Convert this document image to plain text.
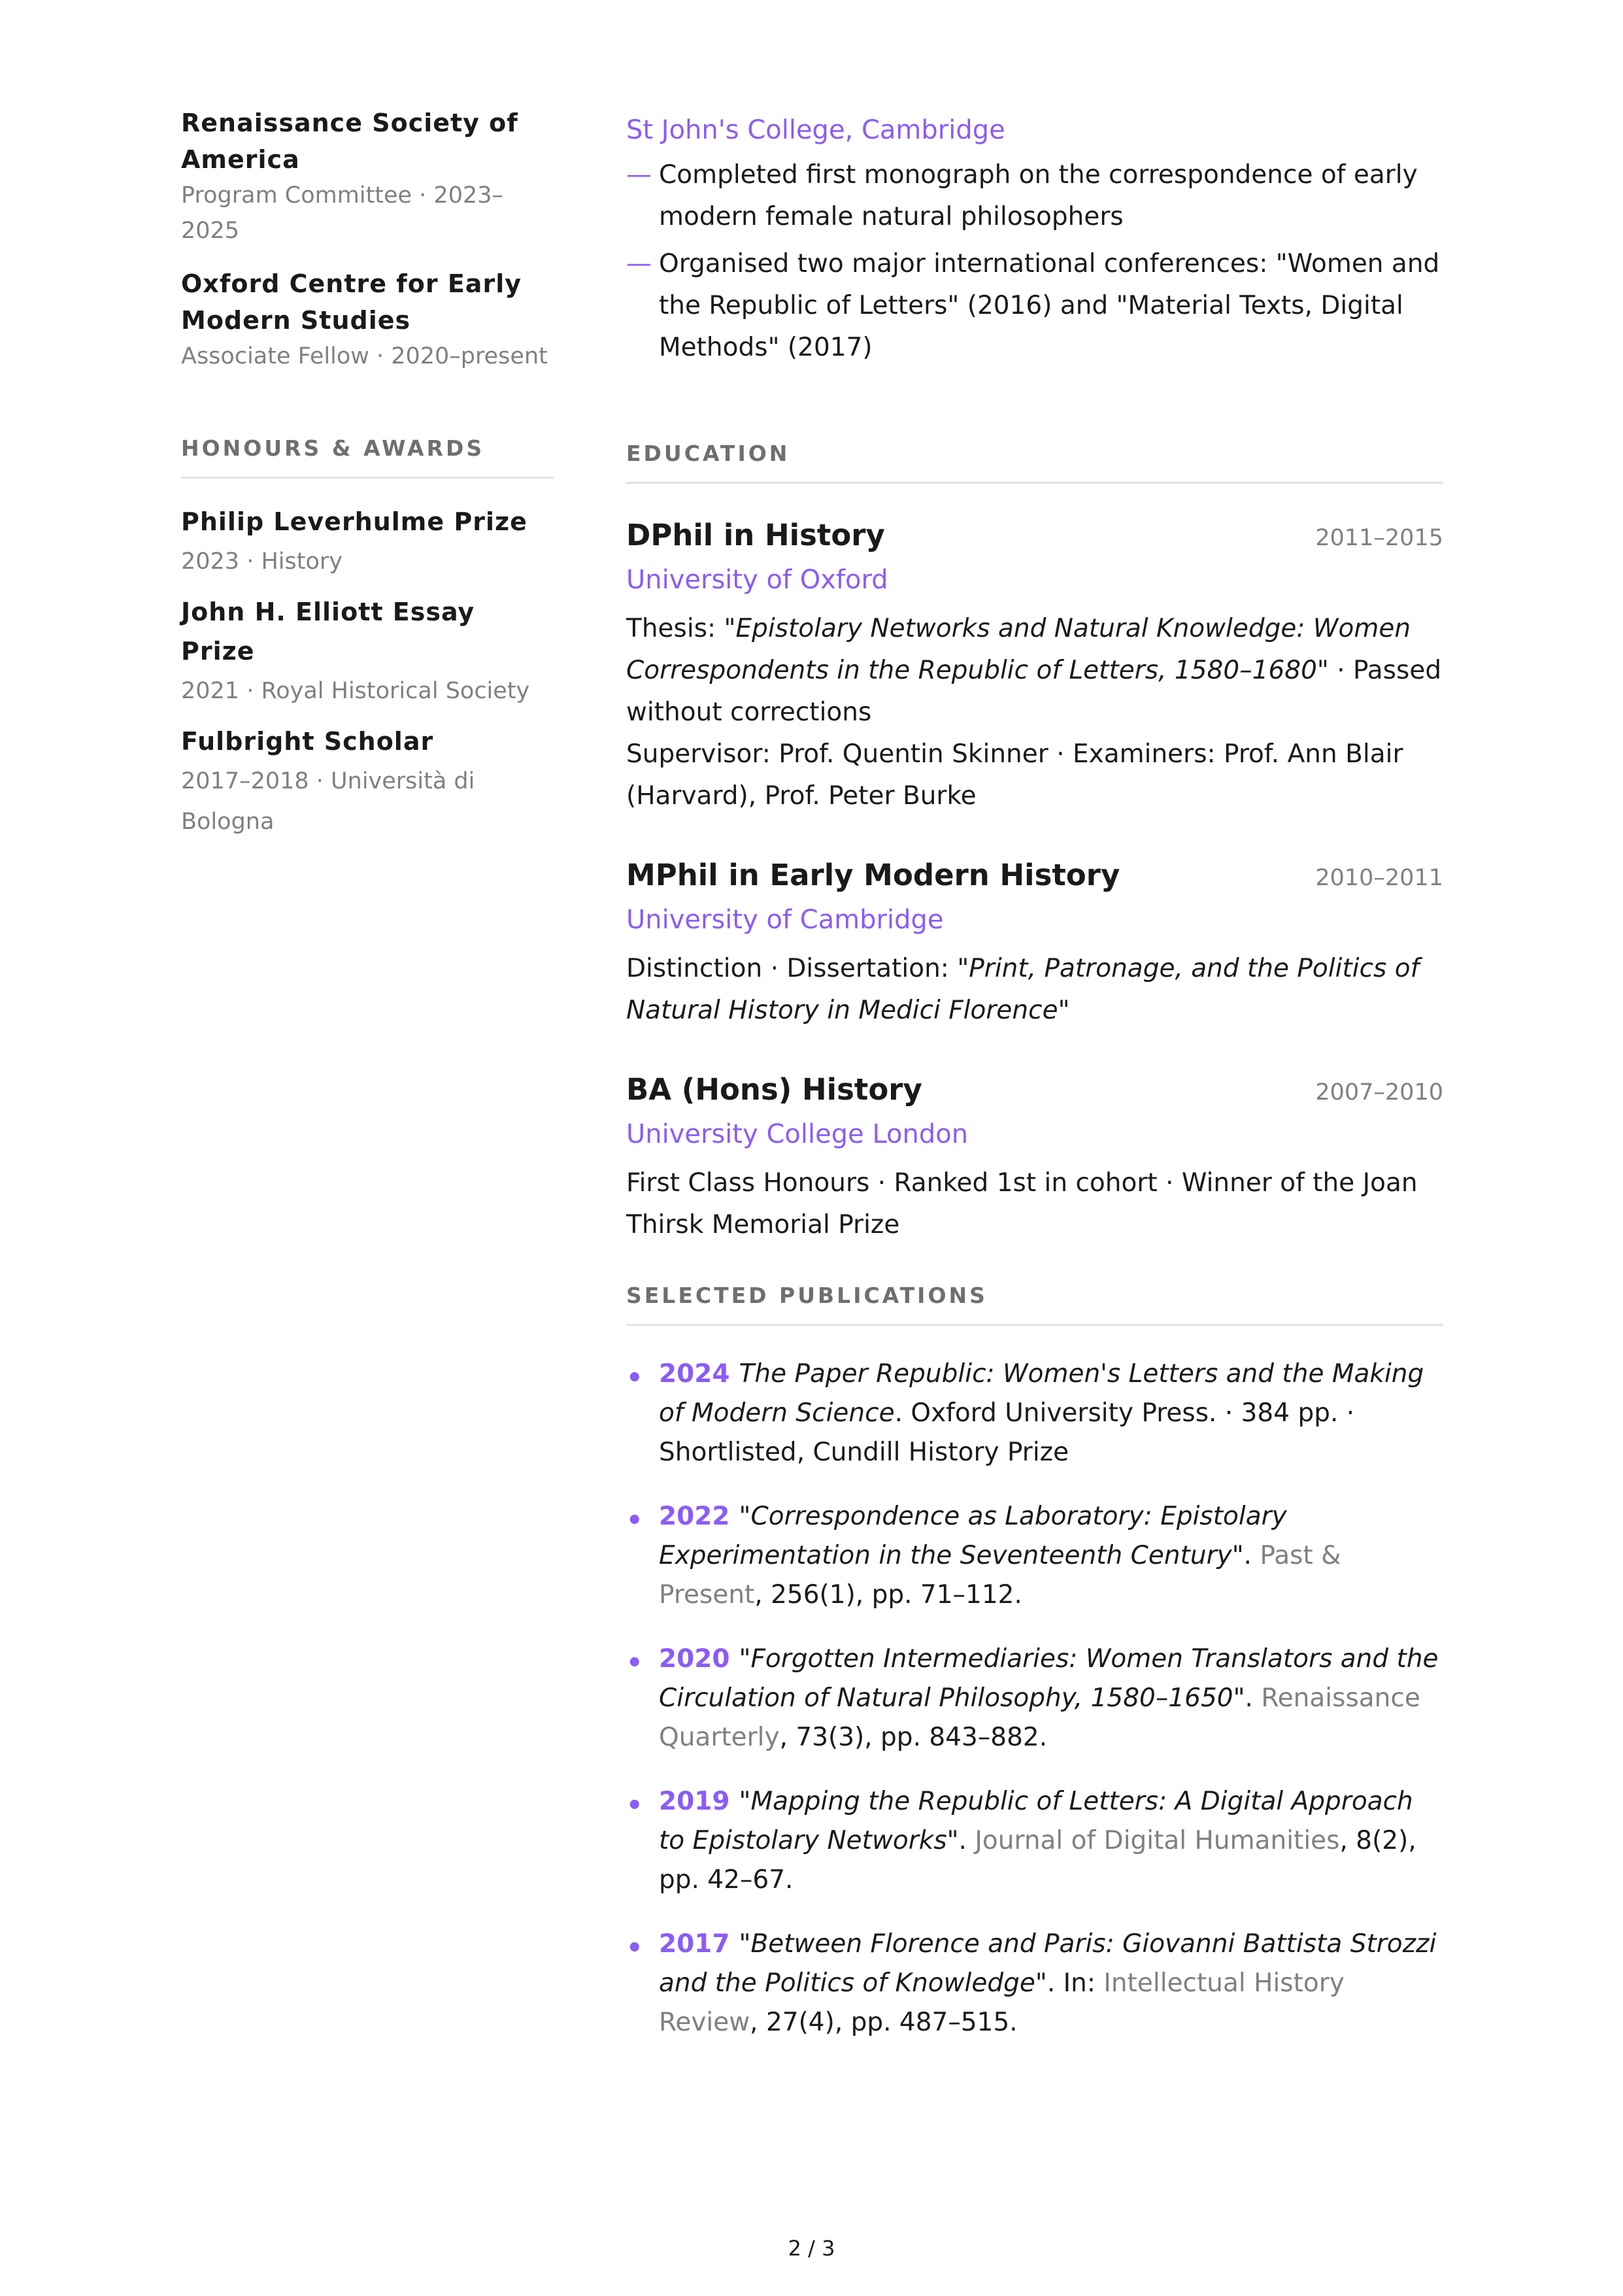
Renaissance Society of America
Program Committee · 2023–2025
Oxford Centre for Early Modern Studies
Associate Fellow · 2020–present
HONOURS & AWARDS
Philip Leverhulme Prize
2023 · History
John H. Elliott Essay Prize
2021 · Royal Historical Society
Fulbright Scholar
2017–2018 · Università di Bologna
St John's College, Cambridge
— Completed first monograph on the correspondence of early modern female natural philosophers
— Organised two major international conferences: "Women and the Republic of Letters" (2016) and "Material Texts, Digital Methods" (2017)
EDUCATION
DPhil in History	2011–2015
University of Oxford
Thesis: "Epistolary Networks and Natural Knowledge: Women Correspondents in the Republic of Letters, 1580–1680" · Passed without corrections
Supervisor: Prof. Quentin Skinner · Examiners: Prof. Ann Blair (Harvard), Prof. Peter Burke
MPhil in Early Modern History	2010–2011
University of Cambridge
Distinction · Dissertation: "Print, Patronage, and the Politics of Natural History in Medici Florence"
BA (Hons) History	2007–2010
University College London
First Class Honours · Ranked 1st in cohort · Winner of the Joan Thirsk Memorial Prize
SELECTED PUBLICATIONS
• 2024 The Paper Republic: Women's Letters and the Making of Modern Science. Oxford University Press. · 384 pp. · Shortlisted, Cundill History Prize
• 2022 "Correspondence as Laboratory: Epistolary Experimentation in the Seventeenth Century". Past & Present, 256(1), pp. 71–112.
• 2020 "Forgotten Intermediaries: Women Translators and the Circulation of Natural Philosophy, 1580–1650". Renaissance Quarterly, 73(3), pp. 843–882.
• 2019 "Mapping the Republic of Letters: A Digital Approach to Epistolary Networks". Journal of Digital Humanities, 8(2), pp. 42–67.
• 2017 "Between Florence and Paris: Giovanni Battista Strozzi and the Politics of Knowledge". In: Intellectual History Review, 27(4), pp. 487–515.
2 / 3
